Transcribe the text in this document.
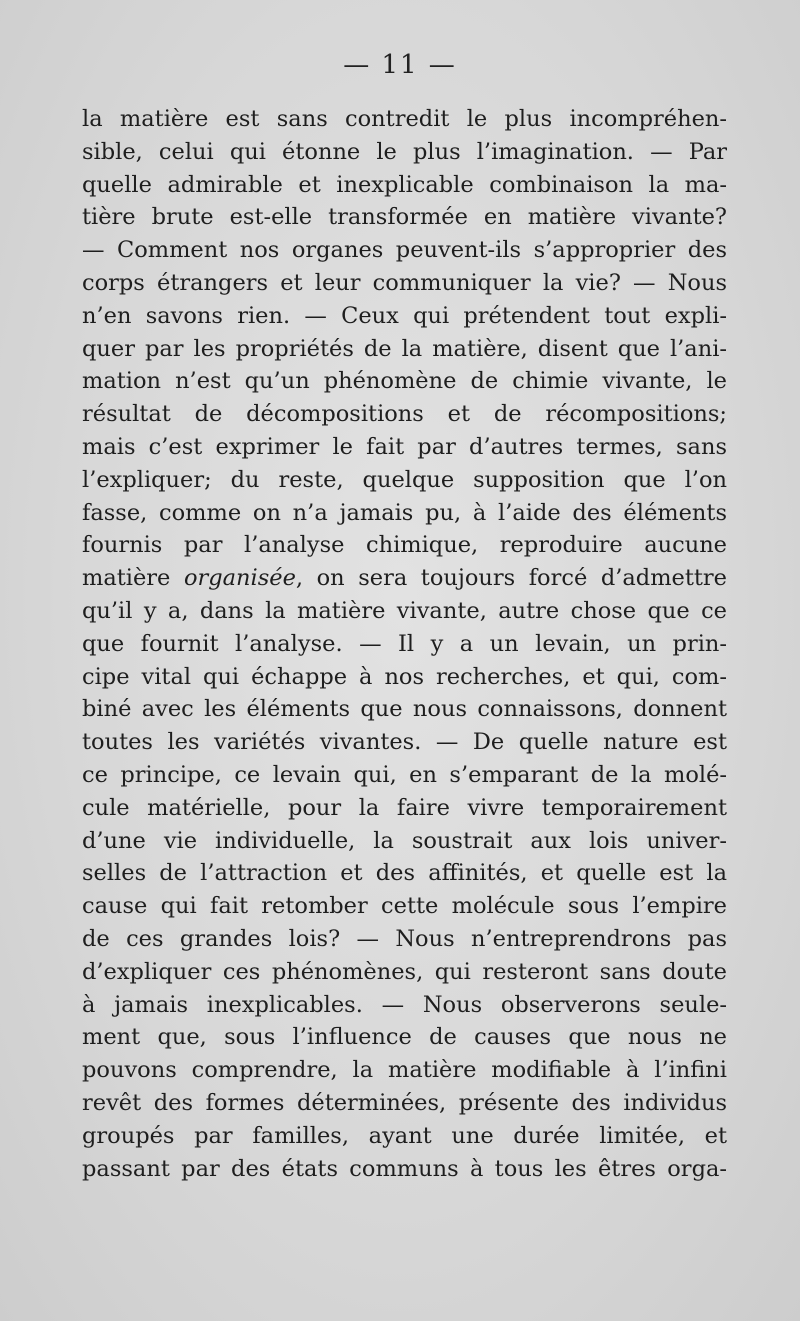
— 11 —
la matière est sans contredit le plus incompréhen-
sible, celui qui étonne le plus l’imagination. — Par
quelle admirable et inexplicable combinaison la ma-
tière brute est-elle transformée en matière vivante?
— Comment nos organes peuvent-ils s’approprier des
corps étrangers et leur communiquer la vie? — Nous
n’en savons rien. — Ceux qui prétendent tout expli-
quer par les propriétés de la matière, disent que l’ani-
mation n’est qu’un phénomène de chimie vivante, le
résultat de décompositions et de récompositions;
mais c’est exprimer le fait par d’autres termes, sans
l’expliquer; du reste, quelque supposition que l’on
fasse, comme on n’a jamais pu, à l’aide des éléments
fournis par l’analyse chimique, reproduire aucune
matière organisée, on sera toujours forcé d’admettre
qu’il y a, dans la matière vivante, autre chose que ce
que fournit l’analyse. — Il y a un levain, un prin-
cipe vital qui échappe à nos recherches, et qui, com-
biné avec les éléments que nous connaissons, donnent
toutes les variétés vivantes. — De quelle nature est
ce principe, ce levain qui, en s’emparant de la molé-
cule matérielle, pour la faire vivre temporairement
d’une vie individuelle, la soustrait aux lois univer-
selles de l’attraction et des affinités, et quelle est la
cause qui fait retomber cette molécule sous l’empire
de ces grandes lois? — Nous n’entreprendrons pas
d’expliquer ces phénomènes, qui resteront sans doute
à jamais inexplicables. — Nous observerons seule-
ment que, sous l’influence de causes que nous ne
pouvons comprendre, la matière modifiable à l’infini
revêt des formes déterminées, présente des individus
groupés par familles, ayant une durée limitée, et
passant par des états communs à tous les êtres orga-
